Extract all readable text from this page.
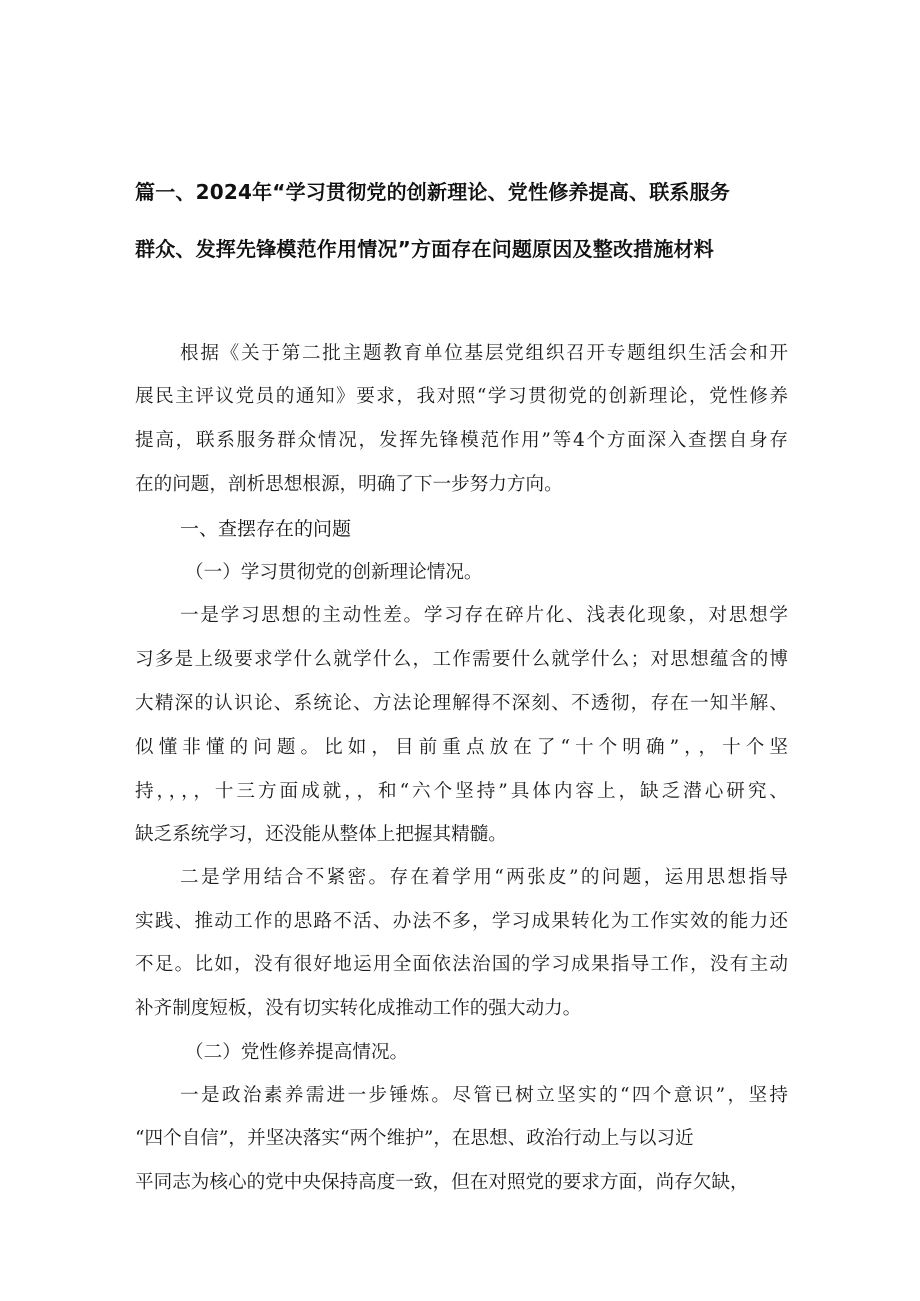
篇一、2024年“学习贯彻党的创新理论、党性修养提高、联系服务
群众、发挥先锋模范作用情况”方面存在问题原因及整改措施材料
根据《关于第二批主题教育单位基层党组织召开专题组织生活会和开
展民主评议党员的通知》要求，我对照“学习贯彻党的创新理论，党性修养
提高，联系服务群众情况，发挥先锋模范作用”等4个方面深入查摆自身存
在的问题，剖析思想根源，明确了下一步努力方向。
一、查摆存在的问题
（一）学习贯彻党的创新理论情况。
一是学习思想的主动性差。学习存在碎片化、浅表化现象，对思想学
习多是上级要求学什么就学什么，工作需要什么就学什么；对思想蕴含的博
大精深的认识论、系统论、方法论理解得不深刻、不透彻，存在一知半解、
似懂非懂的问题。比如，目前重点放在了“十个明确”，，十个坚
持，，，，十三方面成就，，和“六个坚持”具体内容上，缺乏潜心研究、
缺乏系统学习，还没能从整体上把握其精髓。
二是学用结合不紧密。存在着学用“两张皮”的问题，运用思想指导
实践、推动工作的思路不活、办法不多，学习成果转化为工作实效的能力还
不足。比如，没有很好地运用全面依法治国的学习成果指导工作，没有主动
补齐制度短板，没有切实转化成推动工作的强大动力。
（二）党性修养提高情况。
一是政治素养需进一步锤炼。尽管已树立坚实的“四个意识”，坚持
“四个自信”，并坚决落实“两个维护”，在思想、政治行动上与以习近
平同志为核心的党中央保持高度一致，但在对照党的要求方面，尚存欠缺，
